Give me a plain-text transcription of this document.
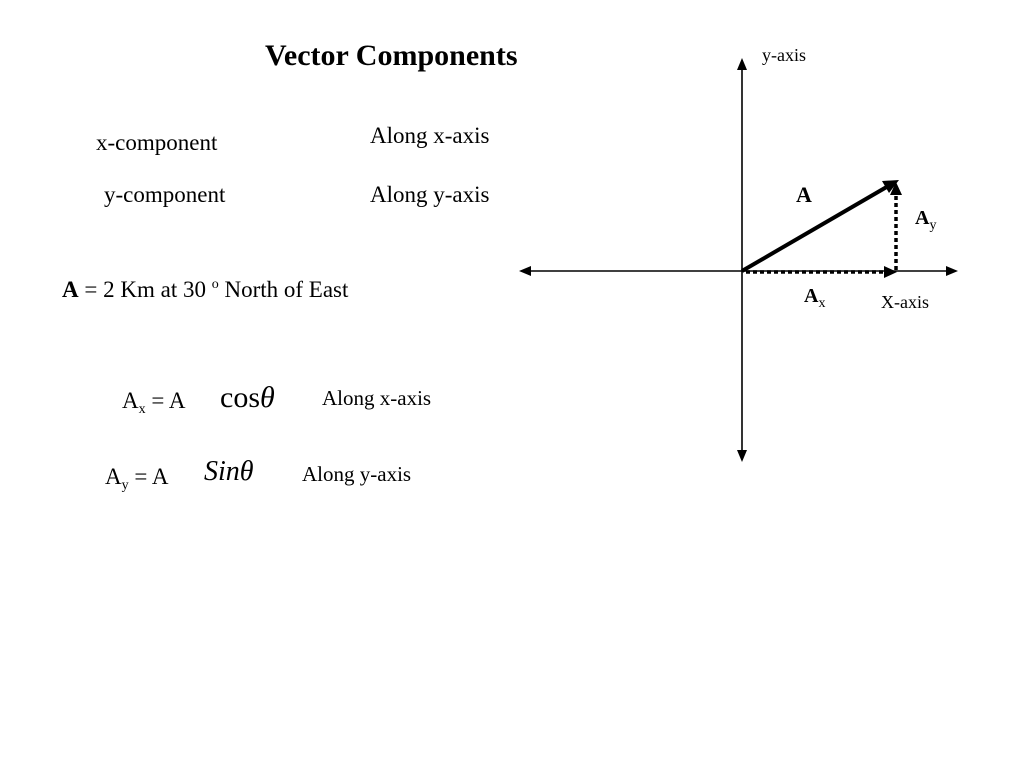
Vector Components
x-component	Along x-axis
y-component	Along y-axis
A = 2 Km at 30 $^o$ North of East
$A_x = A$ cosθ Along x-axis
$A_y = A$ Sinθ Along y-axis
y-axis
X-axis
A
$A_x$
$A_y$
